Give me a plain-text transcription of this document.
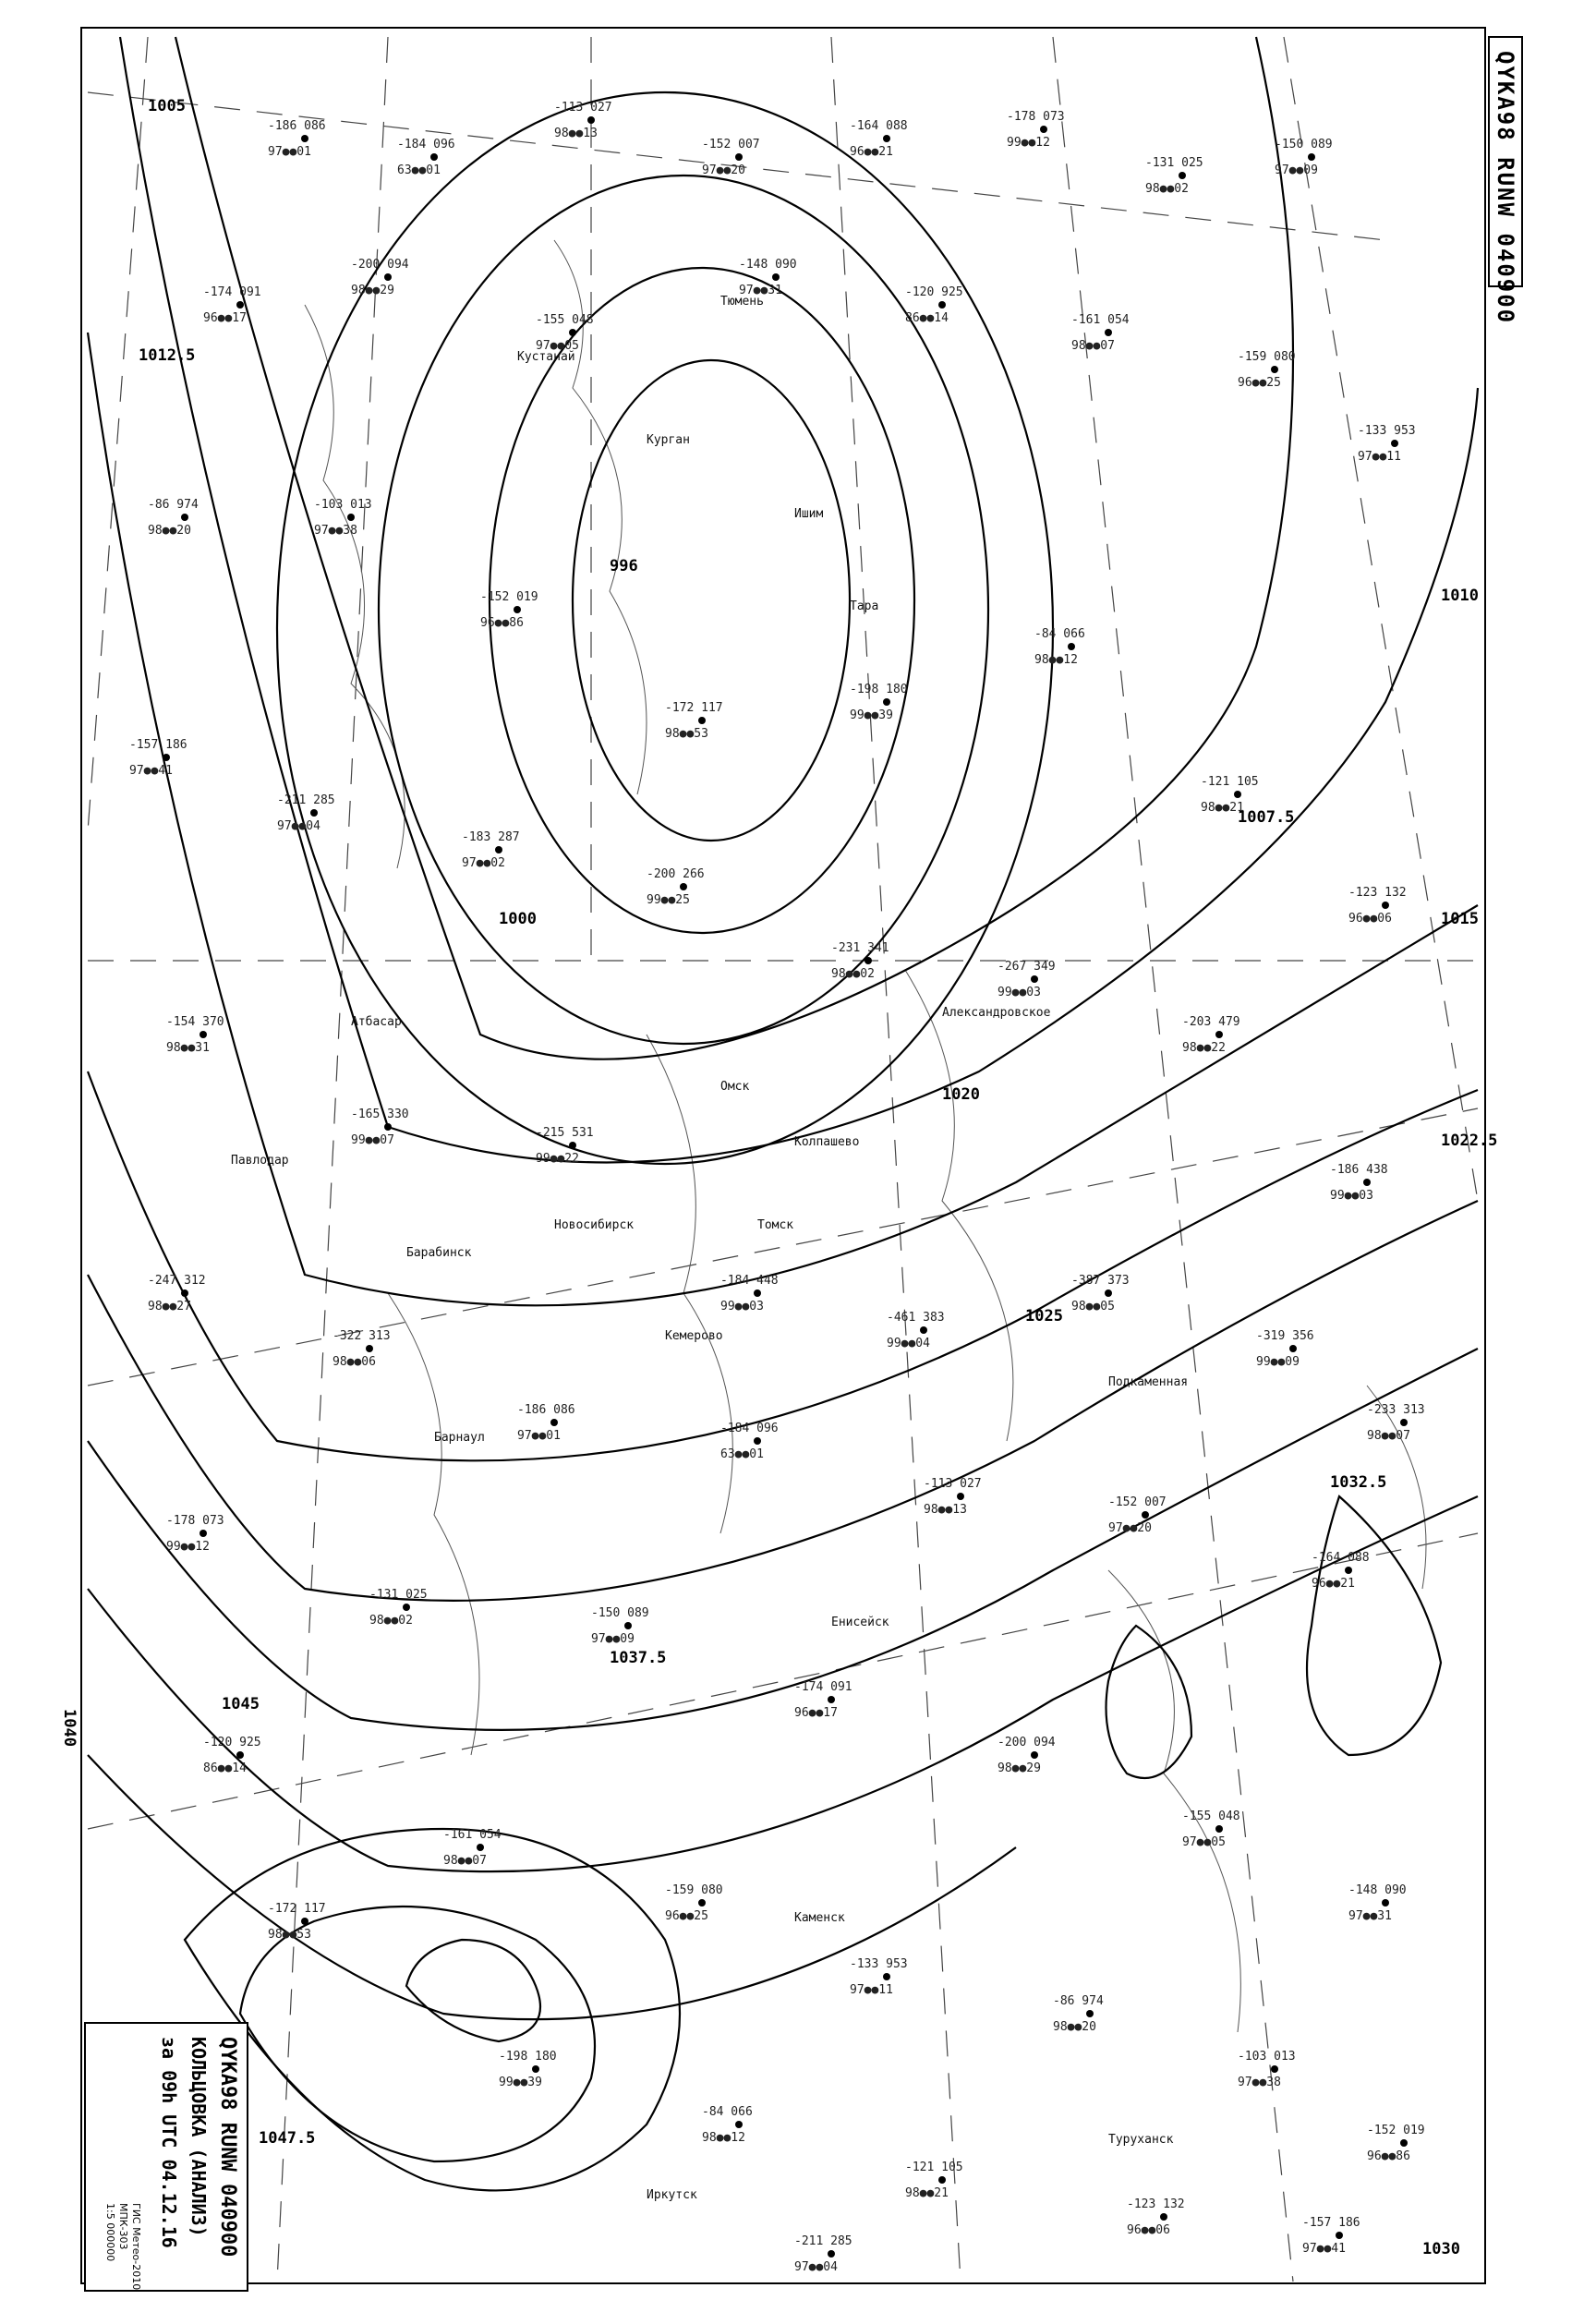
996
1000
1005
1007.5
1010
1012.5
1015
1020
1022.5
1025
1030
1032.5
1037.5
1040
1045
1047.5
Кустанай
Курган
Ишим
Тюмень
Омск
Тара
Павлодар
Барабинск
Новосибирск	Томск
Кемерово
Барнаул
Колпашево
Александровское
Подкаменная
Енисейск
Туруханск
Иркутск
Каменск
Атбасар
-186 086
97●●01
-184 096
63●●01
-113 027
98●●13
-152 007
97●●20
-164 088
96●●21
-178 073
99●●12
-131 025
98●●02
-150 089
97●●09
-174 091
96●●17
-200 094
98●●29
-155 048
97●●05
-148 090
97●●31	-120 925
86●●14	-161 054
98●●07
-159 080
96●●25
-133 953
97●●11
-86 974
98●●20
-103 013
97●●38
-152 019
96●●86
-172 117
98●●53
-198 180
99●●39
-84 066
98●●12
-121 105
98●●21
-123 132
96●●06
-157 186
97●●41
-211 285
97●●04
-183 287
97●●02
-200 266
99●●25
-231 341
98●●02
-267 349
99●●03
-203 479
98●●22
-186 438
99●●03
-154 370
98●●31
-165 330
99●●07
-215 531
99●●22
-184 448
99●●03
-461 383
99●●04
-387 373
98●●05
-319 356
99●●09
-233 313
98●●07
-247 312
98●●27
-322 313
98●●06
-186 086
97●●01
-184 096
63●●01
-113 027
98●●13
-152 007
97●●20
-164 088
96●●21
-178 073
99●●12
-131 025
98●●02
-150 089
97●●09
-174 091
96●●17
-200 094
98●●29
-155 048
97●●05
-148 090
97●●31
-120 925
86●●14
-161 054
98●●07
-159 080
96●●25
-133 953
97●●11
-86 974
98●●20
-103 013
97●●38
-152 019
96●●86
-172 117
98●●53
-198 180
99●●39
-84 066
98●●12
-121 105
98●●21
-123 132
96●●06
-157 186
97●●41
-211 285
97●●04
QYKA98 RUNW 040900
QYKA98 RUNW 040900
КОЛЬЦОВКА (АНАЛИЗ)
за 09h UTC 04.12.16
ГИС Метео-2010
МПК-303
1:5 000000
